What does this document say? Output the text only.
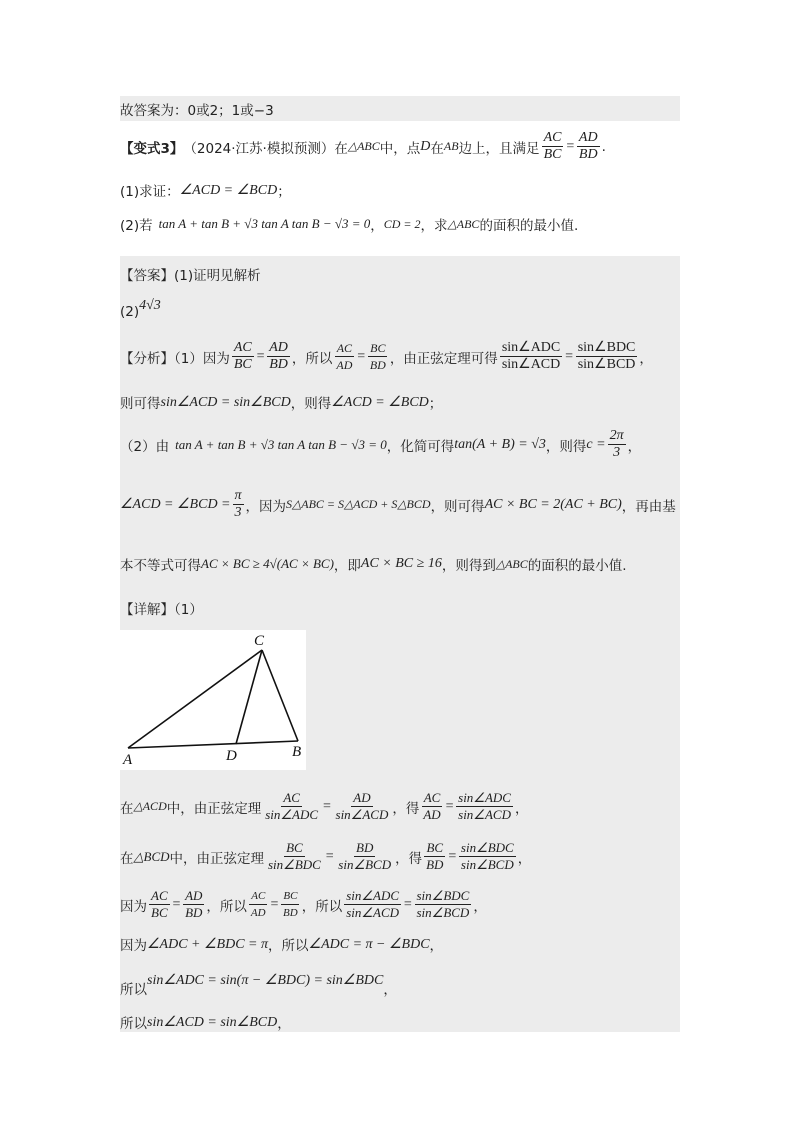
故答案为：0或2；1或−3
【变式3】 （2024·江苏·模拟预测）在 △ABC 中，点 D 在 AB 边上，且满足 $\frac{AC}{BC} = \frac{AD}{BD}$ .
(1)求证： ∠ACD = ∠BCD ；
(2)若 tan A + tan B + √3 tan A tan B − √3 = 0 ， CD = 2 ，求 △ABC 的面积的最小值.
【答案】(1)证明见解析
(2) 4√3
【分析】（1）因为 $\frac{AC}{BC} = \frac{AD}{BD}$ ，所以 $\frac{AC}{AD} = \frac{BC}{BD}$ ，由正弦定理可得 $\frac{\text{sin∠ADC}}{\text{sin∠ACD}} = \frac{\text{sin∠BDC}}{\text{sin∠BCD}}$ ，
则可得 sin∠ACD = sin∠BCD ，则得 ∠ACD = ∠BCD ；
（2）由 tan A + tan B + √3 tan A tan B − √3 = 0 ，化简可得 tan(A + B) = √3 ，则得 $c = \frac{2\pi}{3}$ ，
∠ACD = ∠BCD = $\frac{\pi}{3}$ ，因为 S△ABC = S△ACD + S△BCD ，则可得 AC × BC = 2(AC + BC) ，再由基
本不等式可得 AC × BC ≥ 4√(AC × BC) ，即 AC × BC ≥ 16 ，则得到 △ABC 的面积的最小值.
【详解】（1）
C
A	D	B
在 △ACD 中，由正弦定理 $\frac{AC}{\text{sin∠ADC}} = \frac{AD}{\text{sin∠ACD}}$ ，得 $\frac{AC}{AD} = \frac{\text{sin∠ADC}}{\text{sin∠ACD}}$ ，
在 △BCD 中，由正弦定理 $\frac{BC}{\text{sin∠BDC}} = \frac{BD}{\text{sin∠BCD}}$ ，得 $\frac{BC}{BD} = \frac{\text{sin∠BDC}}{\text{sin∠BCD}}$ ，
因为 $\frac{AC}{BC} = \frac{AD}{BD}$ ，所以 $\frac{AC}{AD} = \frac{BC}{BD}$ ，所以 $\frac{\text{sin∠ADC}}{\text{sin∠ACD}} = \frac{\text{sin∠BDC}}{\text{sin∠BCD}}$ ，
因为 ∠ADC + ∠BDC = π ，所以 ∠ADC = π − ∠BDC ，
所以
sin∠ADC = sin(π − ∠BDC) = sin∠BDC
，
所以 sin∠ACD = sin∠BCD ，
